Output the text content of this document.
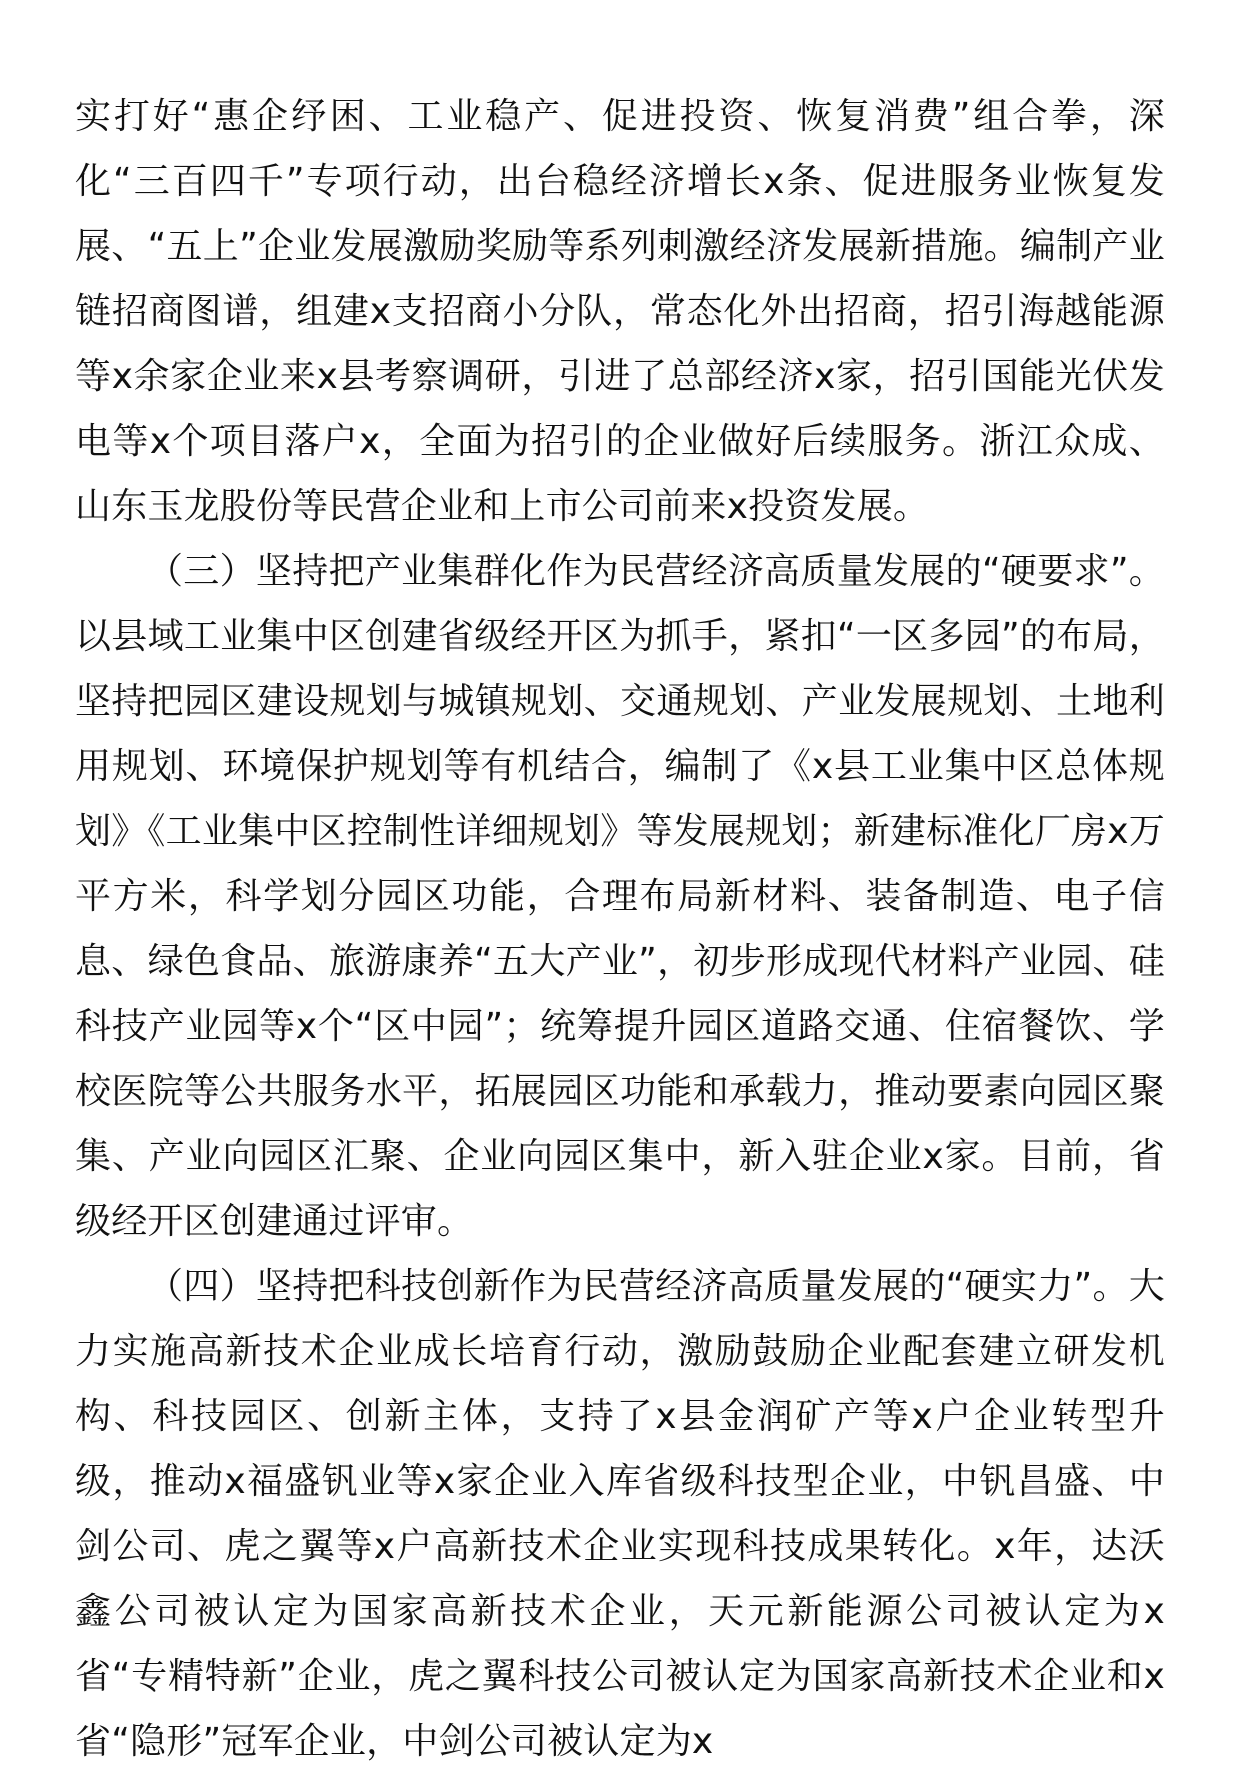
实打好“惠企纾困、工业稳产、促进投资、恢复消费”组合拳，深化“三百四千”专项行动，出台稳经济增长x条、促进服务业恢复发展、“五上”企业发展激励奖励等系列刺激经济发展新措施。编制产业链招商图谱，组建x支招商小分队，常态化外出招商，招引海越能源等x余家企业来x县考察调研，引进了总部经济x家，招引国能光伏发电等x个项目落户x，全面为招引的企业做好后续服务。浙江众成、山东玉龙股份等民营企业和上市公司前来x投资发展。

（三）坚持把产业集群化作为民营经济高质量发展的“硬要求”。以县域工业集中区创建省级经开区为抓手，紧扣“一区多园”的布局，坚持把园区建设规划与城镇规划、交通规划、产业发展规划、土地利用规划、环境保护规划等有机结合，编制了《x县工业集中区总体规划》《工业集中区控制性详细规划》等发展规划；新建标准化厂房x万平方米，科学划分园区功能，合理布局新材料、装备制造、电子信息、绿色食品、旅游康养“五大产业”，初步形成现代材料产业园、硅科技产业园等x个“区中园”；统筹提升园区道路交通、住宿餐饮、学校医院等公共服务水平，拓展园区功能和承载力，推动要素向园区聚集、产业向园区汇聚、企业向园区集中，新入驻企业x家。目前，省级经开区创建通过评审。

（四）坚持把科技创新作为民营经济高质量发展的“硬实力”。大力实施高新技术企业成长培育行动，激励鼓励企业配套建立研发机构、科技园区、创新主体，支持了x县金润矿产等x户企业转型升级，推动x福盛钒业等x家企业入库省级科技型企业，中钒昌盛、中剑公司、虎之翼等x户高新技术企业实现科技成果转化。x年，达沃鑫公司被认定为国家高新技术企业，天元新能源公司被认定为x省“专精特新”企业，虎之翼科技公司被认定为国家高新技术企业和x省“隐形”冠军企业，中剑公司被认定为x
